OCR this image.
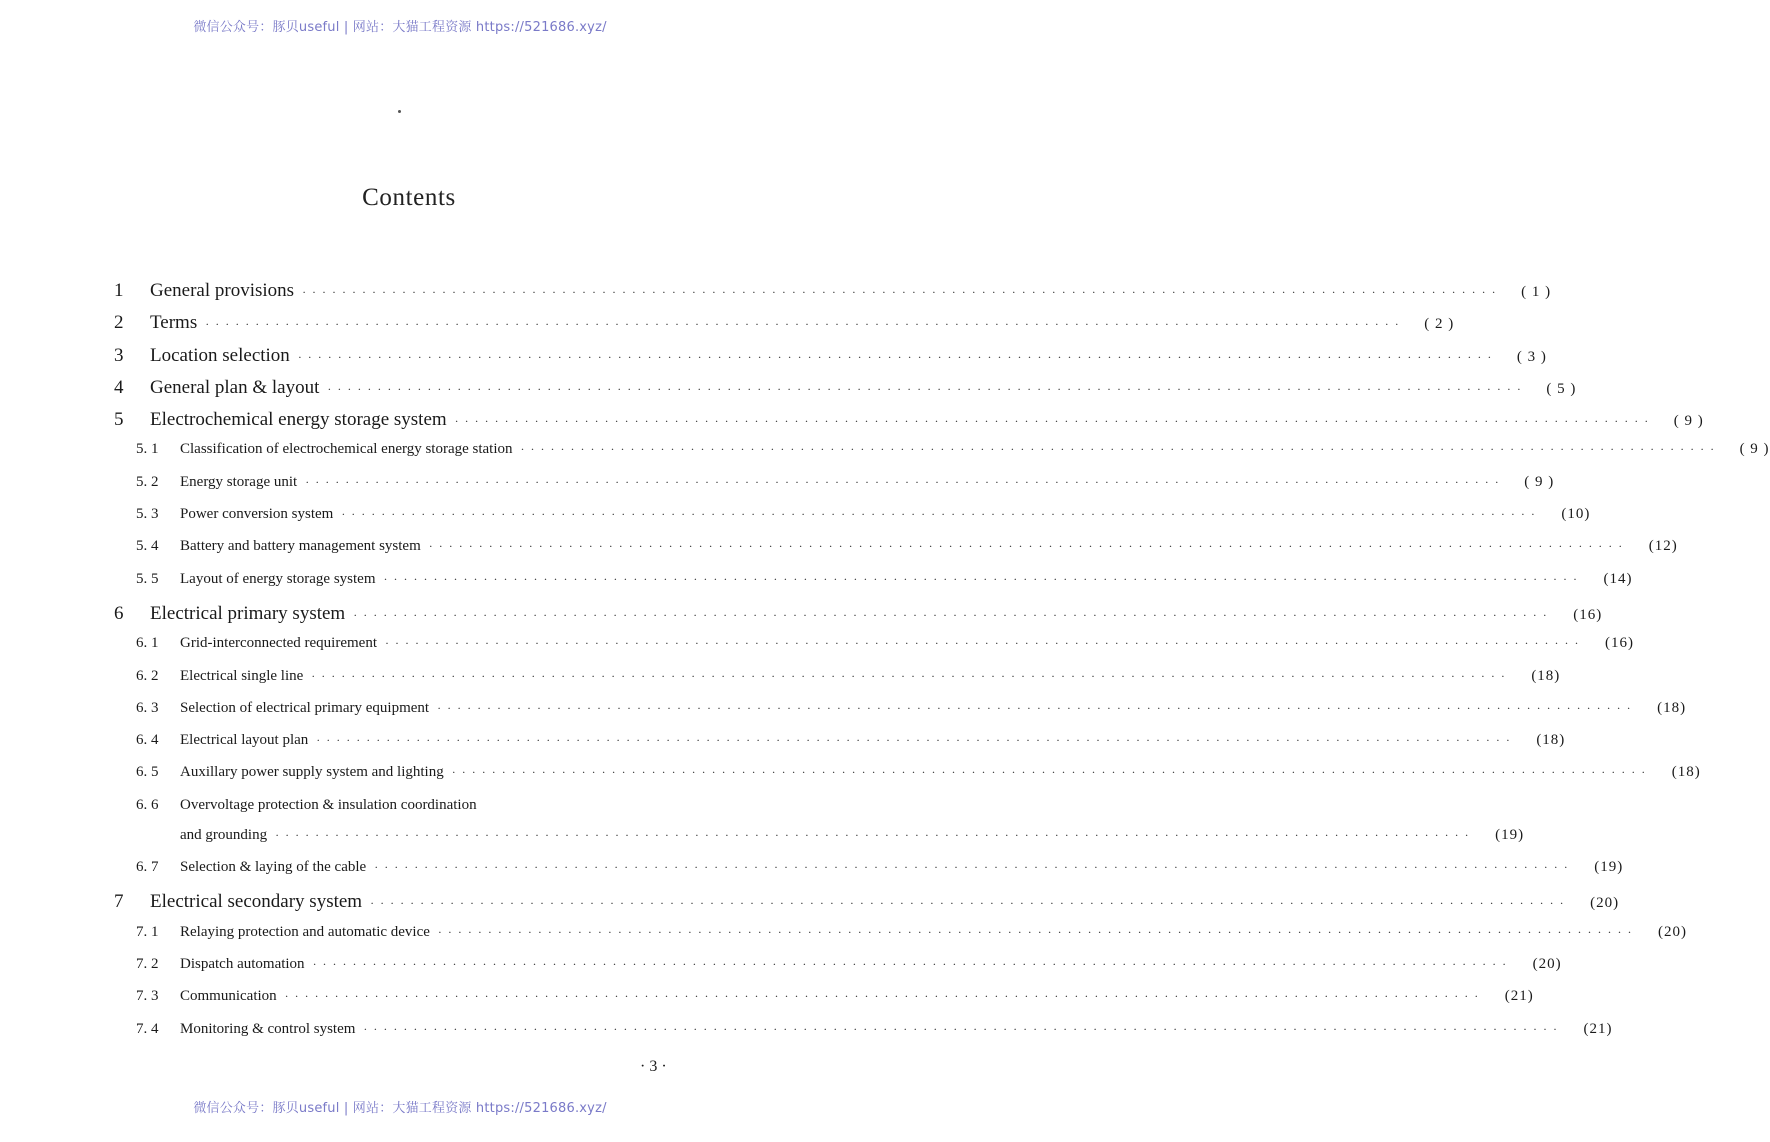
微信公众号：豚贝useful | 网站：大猫工程资源 https://521686.xyz/
Contents
1	General provisions · · · · · · · · · · · · · · · · · · · · · · · · · · · · · · · · · · · · · · · · · · · · · · · · · · · · · · · · · · · · · · · · · · · · · · · · · · · · · · · · · · · · · · · · · · · · · · · · · · · · · · · · · · · · · · · · · · · · · · · ·	( 1 )
2	Terms · · · · · · · · · · · · · · · · · · · · · · · · · · · · · · · · · · · · · · · · · · · · · · · · · · · · · · · · · · · · · · · · · · · · · · · · · · · · · · · · · · · · · · · · · · · · · · · · · · · · · · · · · · · · · · · · · · · · · · · ·	( 2 )
3	Location selection · · · · · · · · · · · · · · · · · · · · · · · · · · · · · · · · · · · · · · · · · · · · · · · · · · · · · · · · · · · · · · · · · · · · · · · · · · · · · · · · · · · · · · · · · · · · · · · · · · · · · · · · · · · · · · · · · · · · · · · ·	( 3 )
4	General plan & layout · · · · · · · · · · · · · · · · · · · · · · · · · · · · · · · · · · · · · · · · · · · · · · · · · · · · · · · · · · · · · · · · · · · · · · · · · · · · · · · · · · · · · · · · · · · · · · · · · · · · · · · · · · · · · · · · · · · · · · · ·	( 5 )
5	Electrochemical energy storage system · · · · · · · · · · · · · · · · · · · · · · · · · · · · · · · · · · · · · · · · · · · · · · · · · · · · · · · · · · · · · · · · · · · · · · · · · · · · · · · · · · · · · · · · · · · · · · · · · · · · · · · · · · · · · · · · · · · · · · · ·	( 9 )
5. 1	Classification of electrochemical energy storage station · · · · · · · · · · · · · · · · · · · · · · · · · · · · · · · · · · · · · · · · · · · · · · · · · · · · · · · · · · · · · · · · · · · · · · · · · · · · · · · · · · · · · · · · · · · · · · · · · · · · · · · · · · · · · · · · · · · · · · · ·	( 9 )
5. 2	Energy storage unit · · · · · · · · · · · · · · · · · · · · · · · · · · · · · · · · · · · · · · · · · · · · · · · · · · · · · · · · · · · · · · · · · · · · · · · · · · · · · · · · · · · · · · · · · · · · · · · · · · · · · · · · · · · · · · · · · · · · · · · ·	( 9 )
5. 3	Power conversion system · · · · · · · · · · · · · · · · · · · · · · · · · · · · · · · · · · · · · · · · · · · · · · · · · · · · · · · · · · · · · · · · · · · · · · · · · · · · · · · · · · · · · · · · · · · · · · · · · · · · · · · · · · · · · · · · · · · · · · · ·	(10)
5. 4	Battery and battery management system · · · · · · · · · · · · · · · · · · · · · · · · · · · · · · · · · · · · · · · · · · · · · · · · · · · · · · · · · · · · · · · · · · · · · · · · · · · · · · · · · · · · · · · · · · · · · · · · · · · · · · · · · · · · · · · · · · · · · · · ·	(12)
5. 5	Layout of energy storage system · · · · · · · · · · · · · · · · · · · · · · · · · · · · · · · · · · · · · · · · · · · · · · · · · · · · · · · · · · · · · · · · · · · · · · · · · · · · · · · · · · · · · · · · · · · · · · · · · · · · · · · · · · · · · · · · · · · · · · · ·	(14)
6	Electrical primary system · · · · · · · · · · · · · · · · · · · · · · · · · · · · · · · · · · · · · · · · · · · · · · · · · · · · · · · · · · · · · · · · · · · · · · · · · · · · · · · · · · · · · · · · · · · · · · · · · · · · · · · · · · · · · · · · · · · · · · · ·	(16)
6. 1	Grid-interconnected requirement · · · · · · · · · · · · · · · · · · · · · · · · · · · · · · · · · · · · · · · · · · · · · · · · · · · · · · · · · · · · · · · · · · · · · · · · · · · · · · · · · · · · · · · · · · · · · · · · · · · · · · · · · · · · · · · · · · · · · · · ·	(16)
6. 2	Electrical single line · · · · · · · · · · · · · · · · · · · · · · · · · · · · · · · · · · · · · · · · · · · · · · · · · · · · · · · · · · · · · · · · · · · · · · · · · · · · · · · · · · · · · · · · · · · · · · · · · · · · · · · · · · · · · · · · · · · · · · · ·	(18)
6. 3	Selection of electrical primary equipment · · · · · · · · · · · · · · · · · · · · · · · · · · · · · · · · · · · · · · · · · · · · · · · · · · · · · · · · · · · · · · · · · · · · · · · · · · · · · · · · · · · · · · · · · · · · · · · · · · · · · · · · · · · · · · · · · · · · · · · ·	(18)
6. 4	Electrical layout plan · · · · · · · · · · · · · · · · · · · · · · · · · · · · · · · · · · · · · · · · · · · · · · · · · · · · · · · · · · · · · · · · · · · · · · · · · · · · · · · · · · · · · · · · · · · · · · · · · · · · · · · · · · · · · · · · · · · · · · · ·	(18)
6. 5	Auxillary power supply system and lighting · · · · · · · · · · · · · · · · · · · · · · · · · · · · · · · · · · · · · · · · · · · · · · · · · · · · · · · · · · · · · · · · · · · · · · · · · · · · · · · · · · · · · · · · · · · · · · · · · · · · · · · · · · · · · · · · · · · · · · · ·	(18)
6. 6	Overvoltage protection & insulation coordination
and grounding · · · · · · · · · · · · · · · · · · · · · · · · · · · · · · · · · · · · · · · · · · · · · · · · · · · · · · · · · · · · · · · · · · · · · · · · · · · · · · · · · · · · · · · · · · · · · · · · · · · · · · · · · · · · · · · · · · · · · · · ·	(19)
6. 7	Selection & laying of the cable · · · · · · · · · · · · · · · · · · · · · · · · · · · · · · · · · · · · · · · · · · · · · · · · · · · · · · · · · · · · · · · · · · · · · · · · · · · · · · · · · · · · · · · · · · · · · · · · · · · · · · · · · · · · · · · · · · · · · · · ·	(19)
7	Electrical secondary system · · · · · · · · · · · · · · · · · · · · · · · · · · · · · · · · · · · · · · · · · · · · · · · · · · · · · · · · · · · · · · · · · · · · · · · · · · · · · · · · · · · · · · · · · · · · · · · · · · · · · · · · · · · · · · · · · · · · · · · ·	(20)
7. 1	Relaying protection and automatic device · · · · · · · · · · · · · · · · · · · · · · · · · · · · · · · · · · · · · · · · · · · · · · · · · · · · · · · · · · · · · · · · · · · · · · · · · · · · · · · · · · · · · · · · · · · · · · · · · · · · · · · · · · · · · · · · · · · · · · · ·	(20)
7. 2	Dispatch automation · · · · · · · · · · · · · · · · · · · · · · · · · · · · · · · · · · · · · · · · · · · · · · · · · · · · · · · · · · · · · · · · · · · · · · · · · · · · · · · · · · · · · · · · · · · · · · · · · · · · · · · · · · · · · · · · · · · · · · · ·	(20)
7. 3	Communication · · · · · · · · · · · · · · · · · · · · · · · · · · · · · · · · · · · · · · · · · · · · · · · · · · · · · · · · · · · · · · · · · · · · · · · · · · · · · · · · · · · · · · · · · · · · · · · · · · · · · · · · · · · · · · · · · · · · · · · ·	(21)
7. 4	Monitoring & control system · · · · · · · · · · · · · · · · · · · · · · · · · · · · · · · · · · · · · · · · · · · · · · · · · · · · · · · · · · · · · · · · · · · · · · · · · · · · · · · · · · · · · · · · · · · · · · · · · · · · · · · · · · · · · · · · · · · · · · · ·	(21)
· 3 ·
微信公众号：豚贝useful | 网站：大猫工程资源 https://521686.xyz/
